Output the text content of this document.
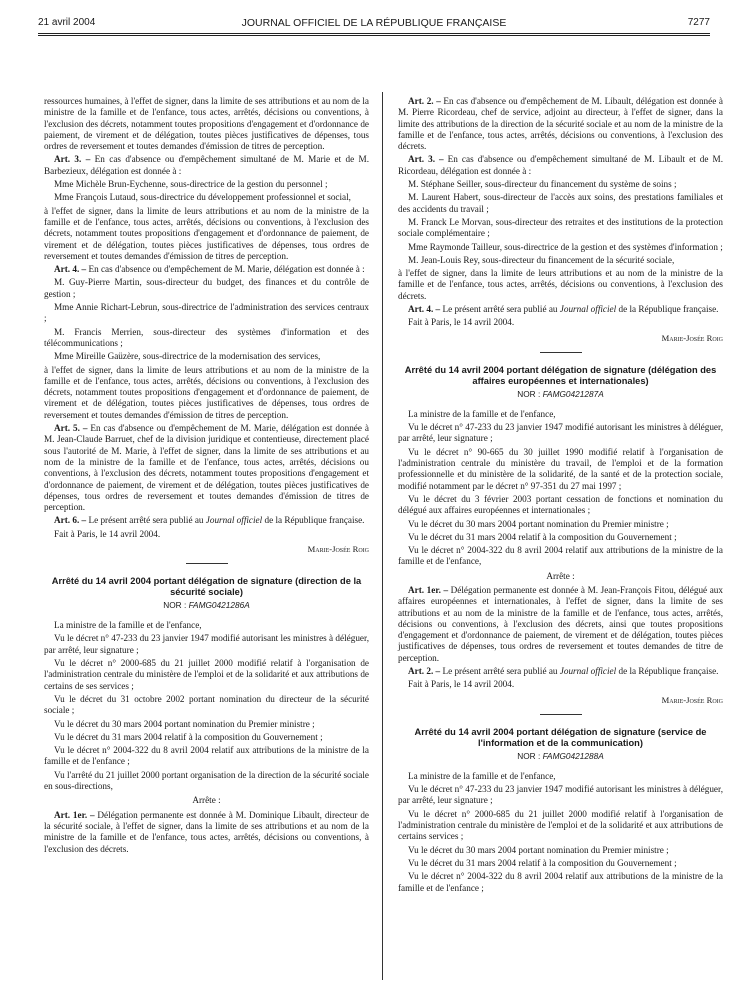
21 avril 2004	JOURNAL OFFICIEL DE LA RÉPUBLIQUE FRANÇAISE	7277

ressources humaines, à l'effet de signer, dans la limite de ses attributions et au nom de la ministre de la famille et de l'enfance, tous actes, arrêtés, décisions ou conventions, à l'exclusion des décrets, notamment toutes propositions d'engagement et d'ordonnance de paiement, de virement et de délégation, toutes pièces justificatives de dépenses, tous ordres de reversement et toutes demandes d'émission de titres de perception.

Art. 3. – En cas d'absence ou d'empêchement simultané de M. Marie et de M. Barbezieux, délégation est donnée à :

Mme Michèle Brun-Eychenne, sous-directrice de la gestion du personnel ;

Mme François Lutaud, sous-directrice du développement professionnel et social,

à l'effet de signer, dans la limite de leurs attributions et au nom de la ministre de la famille et de l'enfance, tous actes, arrêtés, décisions ou conventions, à l'exclusion des décrets, notamment toutes propositions d'engagement et d'ordonnance de paiement, de virement et de délégation, toutes pièces justificatives de dépenses, tous ordres de reversement et toutes demandes d'émission de titres de perception.

Art. 4. – En cas d'absence ou d'empêchement de M. Marie, délégation est donnée à :

M. Guy-Pierre Martin, sous-directeur du budget, des finances et du contrôle de gestion ;

Mme Annie Richart-Lebrun, sous-directrice de l'administration des services centraux ;

M. Francis Merrien, sous-directeur des systèmes d'information et des télécommunications ;

Mme Mireille Gaüzère, sous-directrice de la modernisation des services,

à l'effet de signer, dans la limite de leurs attributions et au nom de la ministre de la famille et de l'enfance, tous actes, arrêtés, décisions ou conventions, à l'exclusion des décrets, notamment toutes propositions d'engagement et d'ordonnance de paiement, de virement et de délégation, toutes pièces justificatives de dépenses, tous ordres de reversement et toutes demandes d'émission de titres de perception.

Art. 5. – En cas d'absence ou d'empêchement de M. Marie, délégation est donnée à M. Jean-Claude Barruet, chef de la division juridique et contentieuse, directement placé sous l'autorité de M. Marie, à l'effet de signer, dans la limite de ses attributions et au nom de la ministre de la famille et de l'enfance, tous actes, arrêtés, décisions ou conventions, à l'exclusion des décrets, notamment toutes propositions d'engagement et d'ordonnance de paiement, de virement et de délégation, toutes pièces justificatives de dépenses, tous ordres de reversement et toutes demandes d'émission de titres de perception.

Art. 6. – Le présent arrêté sera publié au Journal officiel de la République française.

Fait à Paris, le 14 avril 2004.

Marie-Josée Roig
Arrêté du 14 avril 2004 portant délégation de signature (direction de la sécurité sociale)
NOR : FAMG0421286A

La ministre de la famille et de l'enfance,

Vu le décret n° 47-233 du 23 janvier 1947 modifié autorisant les ministres à déléguer, par arrêté, leur signature ;

Vu le décret n° 2000-685 du 21 juillet 2000 modifié relatif à l'organisation de l'administration centrale du ministère de l'emploi et de la solidarité et aux attributions de certains de ses services ;

Vu le décret du 31 octobre 2002 portant nomination du directeur de la sécurité sociale ;

Vu le décret du 30 mars 2004 portant nomination du Premier ministre ;

Vu le décret du 31 mars 2004 relatif à la composition du Gouvernement ;

Vu le décret n° 2004-322 du 8 avril 2004 relatif aux attributions de la ministre de la famille et de l'enfance ;

Vu l'arrêté du 21 juillet 2000 portant organisation de la direction de la sécurité sociale en sous-directions,

Arrête :

Art. 1er. – Délégation permanente est donnée à M. Dominique Libault, directeur de la sécurité sociale, à l'effet de signer, dans la limite de ses attributions et au nom de la ministre de la famille et de l'enfance, tous actes, arrêtés, décisions ou conventions, à l'exclusion des décrets.

Art. 2. – En cas d'absence ou d'empêchement de M. Libault, délégation est donnée à M. Pierre Ricordeau, chef de service, adjoint au directeur, à l'effet de signer, dans la limite des attributions de la direction de la sécurité sociale et au nom de la ministre de la famille et de l'enfance, tous actes, arrêtés, décisions ou conventions, à l'exclusion des décrets.

Art. 3. – En cas d'absence ou d'empêchement simultané de M. Libault et de M. Ricordeau, délégation est donnée à :

M. Stéphane Seiller, sous-directeur du financement du système de soins ;

M. Laurent Habert, sous-directeur de l'accès aux soins, des prestations familiales et des accidents du travail ;

M. Franck Le Morvan, sous-directeur des retraites et des institutions de la protection sociale complémentaire ;

Mme Raymonde Tailleur, sous-directrice de la gestion et des systèmes d'information ;

M. Jean-Louis Rey, sous-directeur du financement de la sécurité sociale,

à l'effet de signer, dans la limite de leurs attributions et au nom de la ministre de la famille et de l'enfance, tous actes, arrêtés, décisions ou conventions, à l'exclusion des décrets.

Art. 4. – Le présent arrêté sera publié au Journal officiel de la République française.

Fait à Paris, le 14 avril 2004.

Marie-Josée Roig
Arrêté du 14 avril 2004 portant délégation de signature (délégation des affaires européennes et internationales)
NOR : FAMG0421287A

La ministre de la famille et de l'enfance,

Vu le décret n° 47-233 du 23 janvier 1947 modifié autorisant les ministres à déléguer, par arrêté, leur signature ;

Vu le décret n° 90-665 du 30 juillet 1990 modifié relatif à l'organisation de l'administration centrale du ministère du travail, de l'emploi et de la formation professionnelle et du ministère de la solidarité, de la santé et de la protection sociale, modifié notamment par le décret n° 97-351 du 27 mai 1997 ;

Vu le décret du 3 février 2003 portant cessation de fonctions et nomination du délégué aux affaires européennes et internationales ;

Vu le décret du 30 mars 2004 portant nomination du Premier ministre ;

Vu le décret du 31 mars 2004 relatif à la composition du Gouvernement ;

Vu le décret n° 2004-322 du 8 avril 2004 relatif aux attributions de la ministre de la famille et de l'enfance,

Arrête :

Art. 1er. – Délégation permanente est donnée à M. Jean-François Fitou, délégué aux affaires européennes et internationales, à l'effet de signer, dans la limite de ses attributions et au nom de la ministre de la famille et de l'enfance, tous actes, arrêtés, décisions ou conventions, à l'exclusion des décrets, ainsi que toutes propositions d'engagement et d'ordonnance de paiement, de virement et de délégation, toutes pièces justificatives de dépenses, tous ordres de reversement et toutes demandes de titre de perception.

Art. 2. – Le présent arrêté sera publié au Journal officiel de la République française.

Fait à Paris, le 14 avril 2004.

Marie-Josée Roig
Arrêté du 14 avril 2004 portant délégation de signature (service de l'information et de la communication)
NOR : FAMG0421288A

La ministre de la famille et de l'enfance,

Vu le décret n° 47-233 du 23 janvier 1947 modifié autorisant les ministres à déléguer, par arrêté, leur signature ;

Vu le décret n° 2000-685 du 21 juillet 2000 modifié relatif à l'organisation de l'administration centrale du ministère de l'emploi et de la solidarité et aux attributions de certains services ;

Vu le décret du 30 mars 2004 portant nomination du Premier ministre ;

Vu le décret du 31 mars 2004 relatif à la composition du Gouvernement ;

Vu le décret n° 2004-322 du 8 avril 2004 relatif aux attributions de la ministre de la famille et de l'enfance ;
